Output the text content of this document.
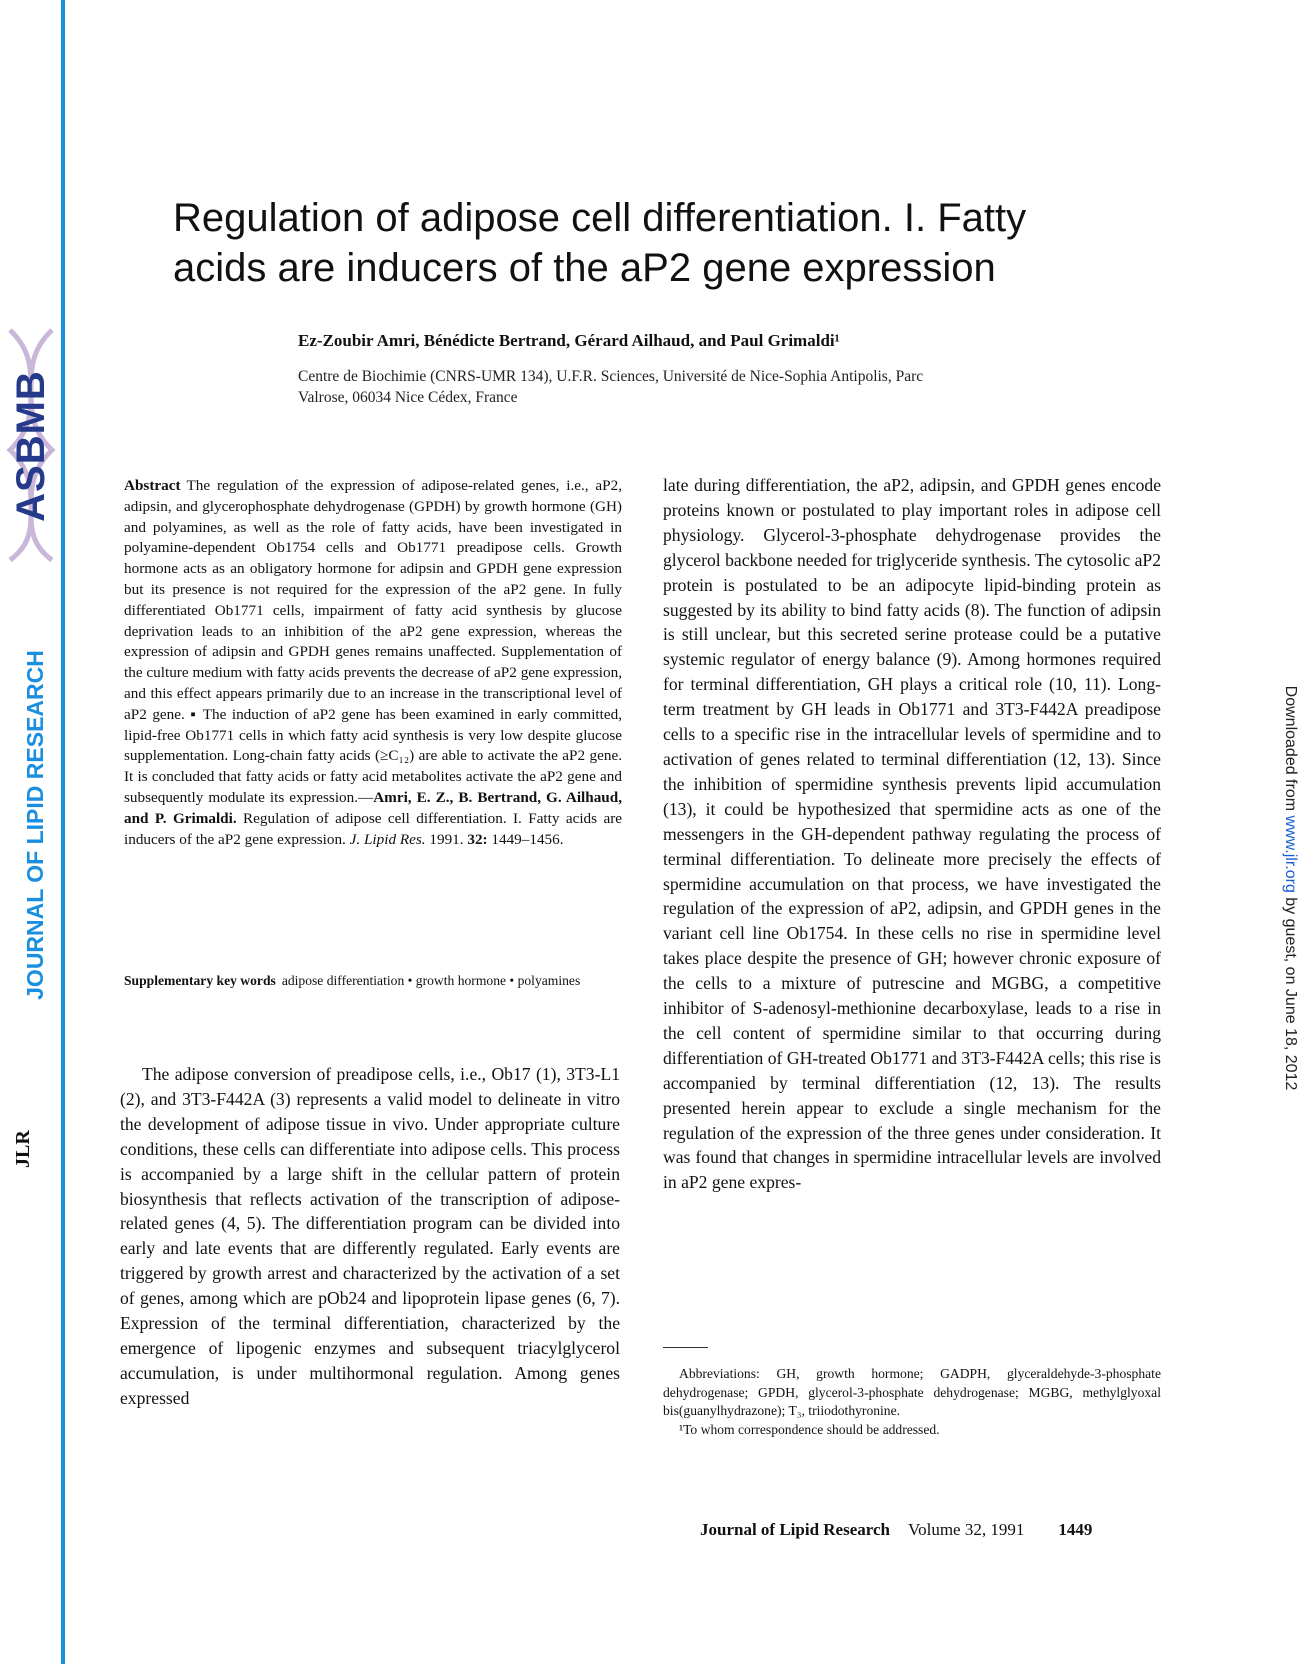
ASBMB
JOURNAL OF LIPID RESEARCH
JLR
Downloaded from www.jlr.org by guest, on June 18, 2012
Regulation of adipose cell differentiation. I. Fatty
acids are inducers of the aP2 gene expression
Ez-Zoubir Amri, Bénédicte Bertrand, Gérard Ailhaud, and Paul Grimaldi¹
Centre de Biochimie (CNRS-UMR 134), U.F.R. Sciences, Université de Nice-Sophia Antipolis, Parc
Valrose, 06034 Nice Cédex, France

Abstract The regulation of the expression of adipose-related genes, i.e., aP2, adipsin, and glycerophosphate dehydrogenase (GPDH) by growth hormone (GH) and polyamines, as well as the role of fatty acids, have been investigated in polyamine-dependent Ob1754 cells and Ob1771 preadipose cells. Growth hormone acts as an obligatory hormone for adipsin and GPDH gene expression but its presence is not required for the expression of the aP2 gene. In fully differentiated Ob1771 cells, impairment of fatty acid synthesis by glucose deprivation leads to an inhibition of the aP2 gene expression, whereas the expression of adipsin and GPDH genes remains unaffected. Supplementation of the culture medium with fatty acids prevents the decrease of aP2 gene expression, and this effect appears primarily due to an increase in the transcriptional level of aP2 gene. ▪ The induction of aP2 gene has been examined in early committed, lipid-free Ob1771 cells in which fatty acid synthesis is very low despite glucose supplementation. Long-chain fatty acids (≥C₁₂) are able to activate the aP2 gene. It is concluded that fatty acids or fatty acid metabolites activate the aP2 gene and subsequently modulate its expression.—Amri, E. Z., B. Bertrand, G. Ailhaud, and P. Grimaldi. Regulation of adipose cell differentiation. I. Fatty acids are inducers of the aP2 gene expression. J. Lipid Res. 1991. 32: 1449–1456.

Supplementary key words adipose differentiation • growth hormone • polyamines

The adipose conversion of preadipose cells, i.e., Ob17 (1), 3T3-L1 (2), and 3T3-F442A (3) represents a valid model to delineate in vitro the development of adipose tissue in vivo. Under appropriate culture conditions, these cells can differentiate into adipose cells. This process is accompanied by a large shift in the cellular pattern of protein biosynthesis that reflects activation of the transcription of adipose-related genes (4, 5). The differentiation program can be divided into early and late events that are differently regulated. Early events are triggered by growth arrest and characterized by the activation of a set of genes, among which are pOb24 and lipoprotein lipase genes (6, 7). Expression of the terminal differentiation, characterized by the emergence of lipogenic enzymes and subsequent triacylglycerol accumulation, is under multihormonal regulation. Among genes expressed

late during differentiation, the aP2, adipsin, and GPDH genes encode proteins known or postulated to play important roles in adipose cell physiology. Glycerol-3-phosphate dehydrogenase provides the glycerol backbone needed for triglyceride synthesis. The cytosolic aP2 protein is postulated to be an adipocyte lipid-binding protein as suggested by its ability to bind fatty acids (8). The function of adipsin is still unclear, but this secreted serine protease could be a putative systemic regulator of energy balance (9). Among hormones required for terminal differentiation, GH plays a critical role (10, 11). Long-term treatment by GH leads in Ob1771 and 3T3-F442A preadipose cells to a specific rise in the intracellular levels of spermidine and to activation of genes related to terminal differentiation (12, 13). Since the inhibition of spermidine synthesis prevents lipid accumulation (13), it could be hypothesized that spermidine acts as one of the messengers in the GH-dependent pathway regulating the process of terminal differentiation. To delineate more precisely the effects of spermidine accumulation on that process, we have investigated the regulation of the expression of aP2, adipsin, and GPDH genes in the variant cell line Ob1754. In these cells no rise in spermidine level takes place despite the presence of GH; however chronic exposure of the cells to a mixture of putrescine and MGBG, a competitive inhibitor of S-adenosyl-methionine decarboxylase, leads to a rise in the cell content of spermidine similar to that occurring during differentiation of GH-treated Ob1771 and 3T3-F442A cells; this rise is accompanied by terminal differentiation (12, 13). The results presented herein appear to exclude a single mechanism for the regulation of the expression of the three genes under consideration. It was found that changes in spermidine intracellular levels are involved in aP2 gene expres-

Abbreviations: GH, growth hormone; GADPH, glyceraldehyde-3-phosphate dehydrogenase; GPDH, glycerol-3-phosphate dehydrogenase; MGBG, methylglyoxal bis(guanylhydrazone); T₃, triiodothyronine.

¹To whom correspondence should be addressed.

Journal of Lipid Research Volume 32, 1991 1449
